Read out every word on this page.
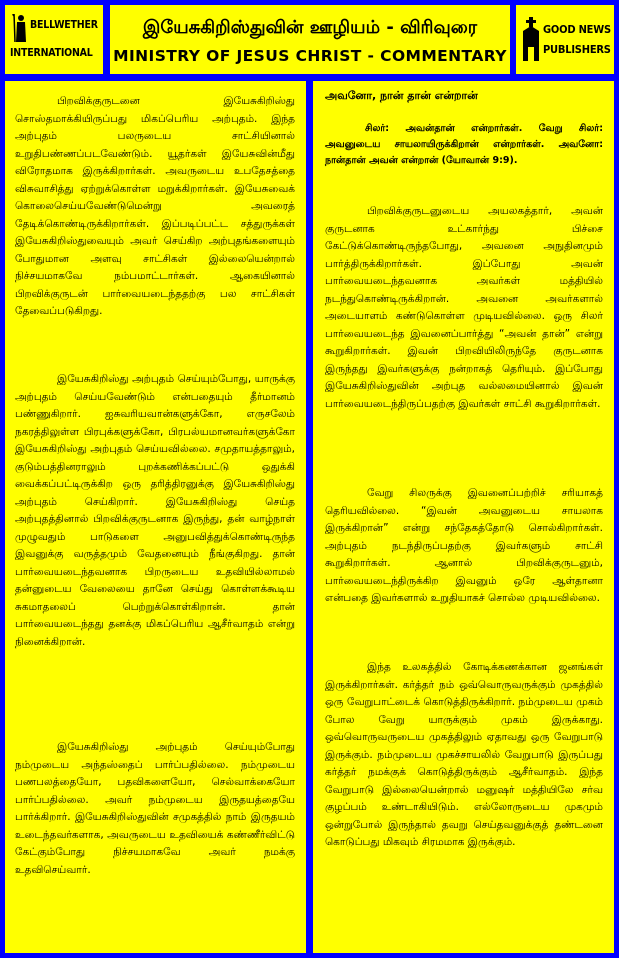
BELLWETHER
INTERNATIONAL
இயேசுகிறிஸ்துவின் ஊழியம் - விரிவுரை
MINISTRY OF JESUS CHRIST - COMMENTARY
GOOD NEWS
PUBLISHERS

பிறவிக்குருடனை இயேசுகிறிஸ்து சொஸ்தமாக்கியிருப்பது மிகப்பெரிய அற்புதம். இந்த அற்புதம் பலருடைய சாட்சியினால் உறுதிபண்ணப்படவேண்டும். யூதர்கள் இயேசுவின்மீது விரோதமாக இருக்கிறார்கள். அவருடைய உபதேசத்தை விசுவாசித்து ஏற்றுக்கொள்ள மறுக்கிறார்கள். இயேசுவைக் கொலைசெய்யவேண்டுமென்று அவரைத் தேடிக்கொண்டிருக்கிறார்கள். இப்படிப்பட்ட சத்துருக்கள் இயேசுகிறிஸ்துவையும் அவர் செய்கிற அற்புதங்களையும் போதுமான அளவு சாட்சிகள் இல்லையென்றால் நிச்சயமாகவே நம்பமாட்டார்கள். ஆகையினால் பிறவிக்குருடன் பார்வையடைந்ததற்கு பல சாட்சிகள் தேவைப்படுகிறது.

இயேசுகிறிஸ்து அற்புதம் செய்யும்போது, யாருக்கு அற்புதம் செய்யவேண்டும் என்பதையும் தீர்மானம் பண்ணுகிறார். ஐசுவரியவான்களுக்கோ, எருசலேம் நகரத்திலுள்ள பிரபுக்களுக்கோ, பிரபல்யமானவர்களுக்கோ இயேசுகிறிஸ்து அற்புதம் செய்யவில்லை. சமுதாயத்தாலும், குடும்பத்தினராலும் புறக்கணிக்கப்பட்டு ஒதுக்கி வைக்கப்பட்டிருக்கிற ஒரு தரித்திரனுக்கு இயேசுகிறிஸ்து அற்புதம் செய்கிறார். இயேசுகிறிஸ்து செய்த அற்புதத்தினால் பிறவிக்குருடனாக இருந்து, தன் வாழ்நாள் முழுவதும் பாடுகளை அனுபவித்துக்கொண்டிருந்த இவனுக்கு வருத்தமும் வேதனையும் நீங்குகிறது. தான் பார்வையடைந்தவனாக பிறருடைய உதவியில்லாமல் தன்னுடைய வேலையை தானே செய்து கொள்ளக்கூடிய சுகமாதலைப் பெற்றுக்கொள்கிறான். தான் பார்வையடைந்தது தனக்கு மிகப்பெரிய ஆசீர்வாதம் என்று நினைக்கிறான்.

இயேசுகிறிஸ்து அற்புதம் செய்யும்போது நம்முடைய அந்தஸ்தைப் பார்ப்பதில்லை. நம்முடைய பணபலத்தையோ, பதவிகளையோ, செல்வாக்கையோ பார்ப்பதில்லை. அவர் நம்முடைய இருதயத்தையே பார்க்கிறார். இயேசுகிறிஸ்துவின் சமுகத்தில் நாம் இருதயம் உடைந்தவர்களாக, அவருடைய உதவியைக் கண்ணீர்விட்டு கேட்கும்போது நிச்சயமாகவே அவர் நமக்கு உதவிசெய்வார்.

அவனோ, நான் தான் என்றான்

சிலர்: அவன்தான் என்றார்கள். வேறு சிலர்: அவனுடைய சாயலாயிருக்கிறான் என்றார்கள். அவனோ: நான்தான் அவன் என்றான் (யோவான் 9:9).

பிறவிக்குருடனுடைய அயலகத்தார், அவன் குருடனாக உட்கார்ந்து பிச்சை கேட்டுக்கொண்டிருந்தபோது, அவனை அநுதினமும் பார்த்திருக்கிறார்கள். இப்போது அவன் பார்வையடைந்தவனாக அவர்கள் மத்தியில் நடந்துகொண்டிருக்கிறான். அவனை அவர்களால் அடையாளம் கண்டுகொள்ள முடியவில்லை. ஒரு சிலர் பார்வையடைந்த இவனைப்பார்த்து “அவன் தான்” என்று கூறுகிறார்கள். இவன் பிறவியிலிருந்தே குருடனாக இருந்தது இவர்களுக்கு நன்றாகத் தெரியும். இப்போது இயேசுகிறிஸ்துவின் அற்புத வல்லமையினால் இவன் பார்வையடைந்திருப்பதற்கு இவர்கள் சாட்சி கூறுகிறார்கள்.

வேறு சிலருக்கு இவனைப்பற்றிச் சரியாகத் தெரியவில்லை. “இவன் அவனுடைய சாயலாக இருக்கிறான்” என்று சந்தேகத்தோடு சொல்கிறார்கள். அற்புதம் நடந்திருப்பதற்கு இவர்களும் சாட்சி கூறுகிறார்கள். ஆனால் பிறவிக்குருடனும், பார்வையடைந்திருக்கிற இவனும் ஒரே ஆள்தானா என்பதை இவர்களால் உறுதியாகச் சொல்ல முடியவில்லை.

இந்த உலகத்தில் கோடிக்கணக்கான ஜனங்கள் இருக்கிறார்கள். கர்த்தர் நம் ஒவ்வொருவருக்கும் முகத்தில் ஒரு வேறுபாட்டைக் கொடுத்திருக்கிறார். நம்முடைய முகம் போல வேறு யாருக்கும் முகம் இருக்காது. ஒவ்வொருவருடைய முகத்திலும் ஏதாவது ஒரு வேறுபாடு இருக்கும். நம்முடைய முகச்சாயலில் வேறுபாடு இருப்பது கர்த்தர் நமக்குக் கொடுத்திருக்கும் ஆசீர்வாதம். இந்த வேறுபாடு இல்லையென்றால் மனுஷர் மத்தியிலே சர்வ குழப்பம் உண்டாகியிடும். எல்லோருடைய முகமும் ஒன்றுபோல் இருந்தால் தவறு செய்தவனுக்குத் தண்டனை கொடுப்பது மிகவும் சிரமமாக இருக்கும்.
